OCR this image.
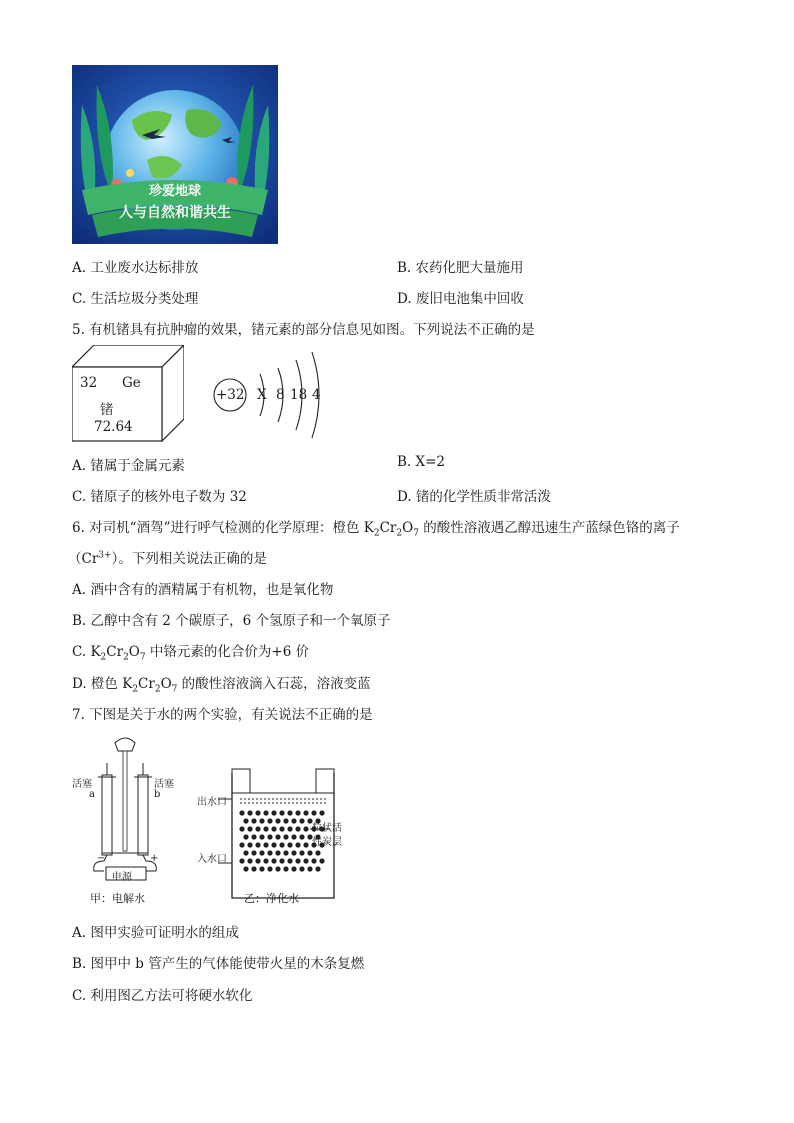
珍爱地球
人与自然和谐共生
A. 工业废水达标排放	B. 农药化肥大量施用
C. 生活垃圾分类处理	D. 废旧电池集中回收
5. 有机锗具有抗肿瘤的效果，锗元素的部分信息见如图。下列说法不正确的是
32 Ge
锗
72.64
+32 X 8 18 4
A. 锗属于金属元素	B. X=2
C. 锗原子的核外电子数为 32	D. 锗的化学性质非常活泼
6. 对司机“酒驾”进行呼气检测的化学原理：橙色 $K_2Cr_2O_7$ 的酸性溶液遇乙醇迅速生产蓝绿色铬的离子
$(Cr^{3+})$。下列相关说法正确的是
A. 酒中含有的酒精属于有机物，也是氧化物
B. 乙醇中含有 2 个碳原子，6 个氢原子和一个氧原子
C. $K_2Cr_2O_7$ 中铬元素的化合价为+6 价
D. 橙色 $K_2Cr_2O_7$ 的酸性溶液滴入石蕊，溶液变蓝
7. 下图是关于水的两个实验，有关说法不正确的是
活塞	活塞
a	b
−	+
电源
甲：电解水
出水口
入水口
粒状活
性炭层
乙：净化水
A. 图甲实验可证明水的组成
B. 图甲中 b 管产生的气体能使带火星的木条复燃
C. 利用图乙方法可将硬水软化
